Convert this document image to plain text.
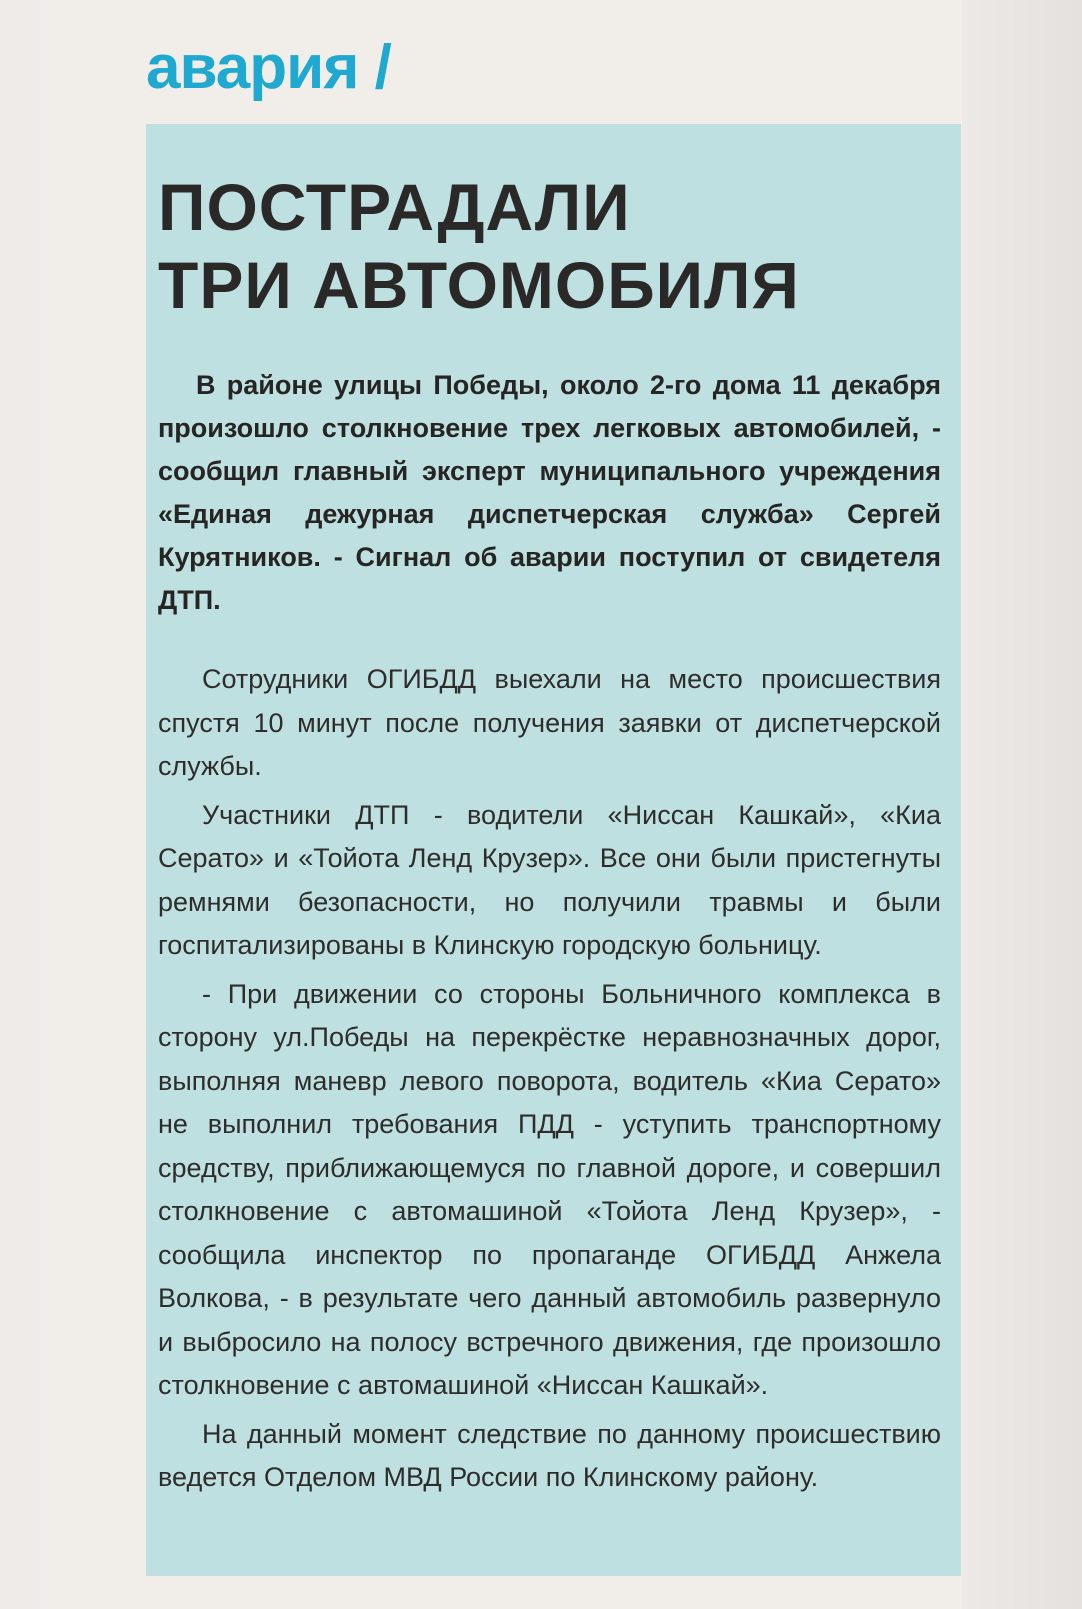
авария /
ПОСТРАДАЛИ
ТРИ АВТОМОБИЛЯ

В районе улицы Победы, около 2-го дома 11 декабря произошло столкновение трех легковых автомобилей, - сообщил главный эксперт муниципального учреждения «Единая дежурная диспетчерская служба» Сергей Курятников. - Сигнал об аварии поступил от свидетеля ДТП.

Сотрудники ОГИБДД выехали на место происшествия спустя 10 минут после получения заявки от диспетчерской службы.

Участники ДТП - водители «Ниссан Кашкай», «Киа Серато» и «Тойота Ленд Крузер». Все они были пристегнуты ремнями безопасности, но получили травмы и были госпитализированы в Клинскую городскую больницу.

- При движении со стороны Больничного комплекса в сторону ул.Победы на перекрёстке неравнозначных дорог, выполняя маневр левого поворота, водитель «Киа Серато» не выполнил требования ПДД - уступить транспортному средству, приближающемуся по главной дороге, и совершил столкновение с автомашиной «Тойота Ленд Крузер», - сообщила инспектор по пропаганде ОГИБДД Анжела Волкова, - в результате чего данный автомобиль развернуло и выбросило на полосу встречного движения, где произошло столкновение с автомашиной «Ниссан Кашкай».

На данный момент следствие по данному происшествию ведется Отделом МВД России по Клинскому району.
